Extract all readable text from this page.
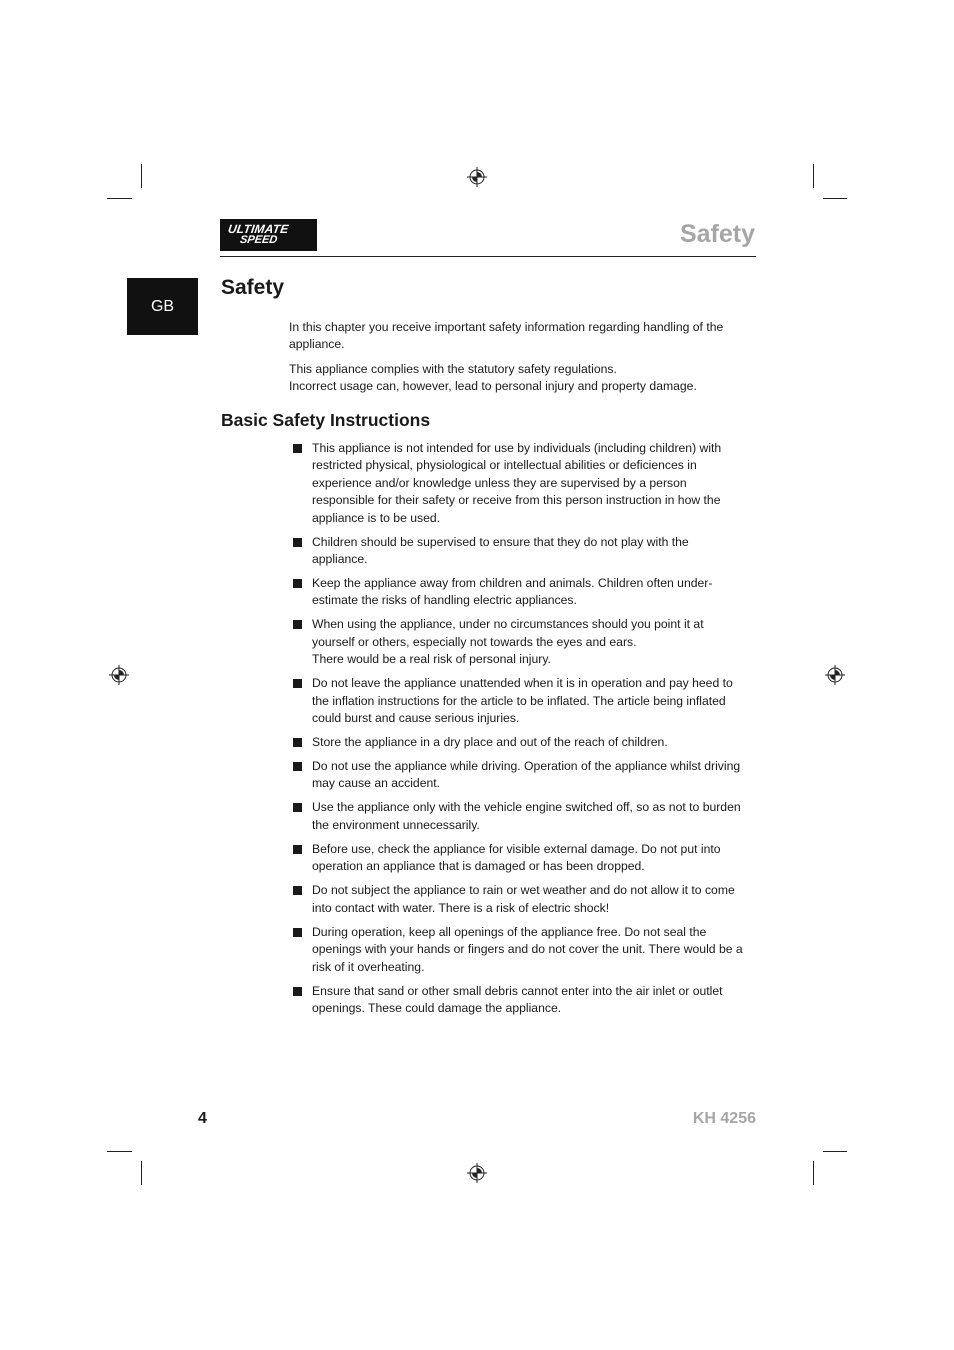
ULTIMATE
SPEED	Safety
GB
Safety

In this chapter you receive important safety information regarding handling of the appliance.

This appliance complies with the statutory safety regulations.
Incorrect usage can, however, lead to personal injury and property damage.

Basic Safety Instructions
This appliance is not intended for use by individuals (including children) with restricted physical, physiological or intellectual abilities or deficiences in experience and/or knowledge unless they are supervised by a person responsible for their safety or receive from this person instruction in how the appliance is to be used.
Children should be supervised to ensure that they do not play with the appliance.
Keep the appliance away from children and animals. Children often under-estimate the risks of handling electric appliances.
When using the appliance, under no circumstances should you point it at yourself or others, especially not towards the eyes and ears.
There would be a real risk of personal injury.
Do not leave the appliance unattended when it is in operation and pay heed to the inflation instructions for the article to be inflated. The article being inflated could burst and cause serious injuries.
Store the appliance in a dry place and out of the reach of children.
Do not use the appliance while driving. Operation of the appliance whilst driving may cause an accident.
Use the appliance only with the vehicle engine switched off, so as not to burden the environment unnecessarily.
Before use, check the appliance for visible external damage. Do not put into operation an appliance that is damaged or has been dropped.
Do not subject the appliance to rain or wet weather and do not allow it to come into contact with water. There is a risk of electric shock!
During operation, keep all openings of the appliance free. Do not seal the openings with your hands or fingers and do not cover the unit. There would be a risk of it overheating.
Ensure that sand or other small debris cannot enter into the air inlet or outlet openings. These could damage the appliance.
4	KH 4256
